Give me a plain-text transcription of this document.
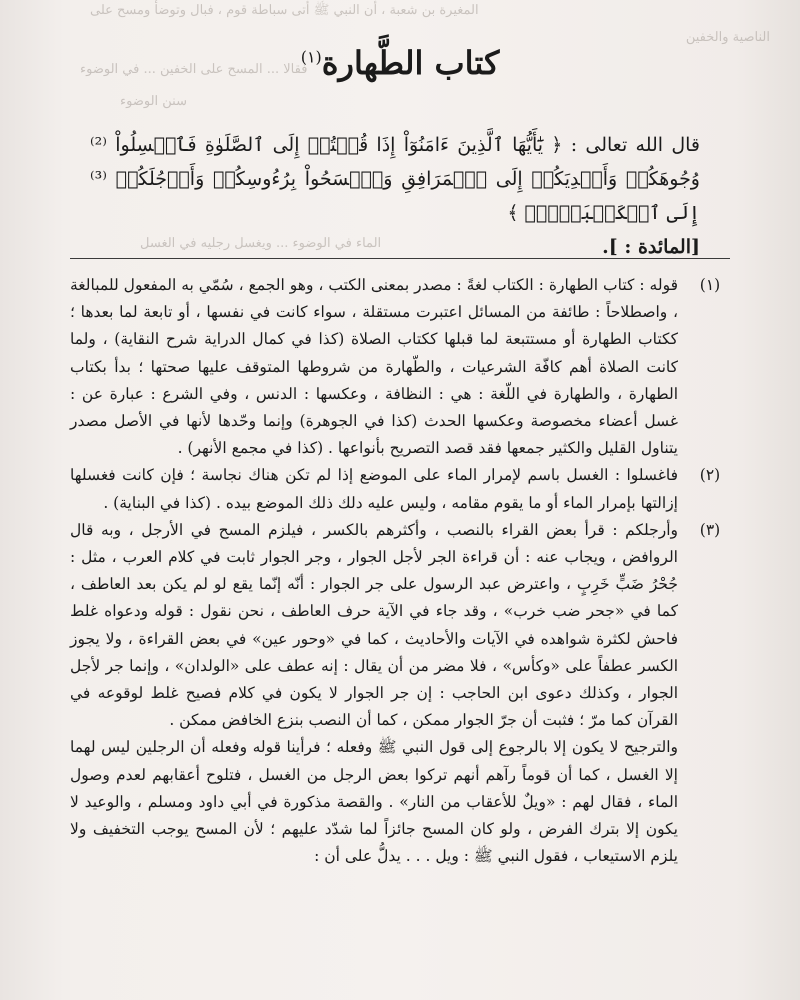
المغيرة بن شعبة ، أن النبي ﷺ أتى سباطة قوم ، فبال وتوضأ ومسح على
الناصية والخفين
فقالا ... المسح على الخفين ... في الوضوء
سنن الوضوء
الماء في الوضوء ... ويغسل رجليه في الغسل
كتاب الطَّهارة$^{(١)}$
قال الله تعالى : ﴿ يَٰٓأَيُّهَا ٱلَّذِينَ ءَامَنُوٓاْ إِذَا قُمۡتُمۡ إِلَى ٱلصَّلَوٰةِ فَٱغۡسِلُواْ ⁽²⁾ وُجُوهَكُمۡ وَأَيۡدِيَكُمۡ إِلَى ٱلۡمَرَافِقِ وَٱمۡسَحُواْ بِرُءُوسِكُمۡ وَأَرۡجُلَكُمۡ ⁽³⁾ إِلَى ٱلۡكَعۡبَيۡنِۚ ﴾
[المائدة : ].
(١)

قوله : كتاب الطهارة : الكتاب لغةً : مصدر بمعنى الكتب ، وهو الجمع ، سُمّي به المفعول للمبالغة ، واصطلاحاً : طائفة من المسائل اعتبرت مستقلة ، سواء كانت في نفسها ، أو تابعة لما بعدها ؛ ككتاب الطهارة أو مستتبعة لما قبلها ككتاب الصلاة (كذا في كمال الدراية شرح النقاية) ، ولما كانت الصلاة أهم كافّة الشرعيات ، والطّهارة من شروطها المتوقف عليها صحتها ؛ بدأ بكتاب الطهارة ، والطهارة في اللّغة : هي : النظافة ، وعكسها : الدنس ، وفي الشرع : عبارة عن : غسل أعضاء مخصوصة وعكسها الحدث (كذا في الجوهرة) وإنما وحّدها لأنها في الأصل مصدر يتناول القليل والكثير جمعها فقد قصد التصريح بأنواعها . (كذا في مجمع الأنهر) .

(٢)

فاغسلوا : الغسل باسم لإمرار الماء على الموضع إذا لم تكن هناك نجاسة ؛ فإن كانت فغسلها إزالتها بإمرار الماء أو ما يقوم مقامه ، وليس عليه دلك ذلك الموضع بيده . (كذا في البناية) .

(٣)

وأرجلكم : قرأ بعض القراء بالنصب ، وأكثرهم بالكسر ، فيلزم المسح في الأرجل ، وبه قال الروافض ، ويجاب عنه : أن قراءة الجر لأجل الجوار ، وجر الجوار ثابت في كلام العرب ، مثل : جُحْرُ ضَبٍّ خَرِبٍ ، واعترض عبد الرسول على جر الجوار : أنّه إنّما يقع لو لم يكن بعد العاطف ، كما في «جحر ضب خرب» ، وقد جاء في الآية حرف العاطف ، نحن نقول : قوله ودعواه غلط فاحش لكثرة شواهده في الآيات والأحاديث ، كما في «وحور عين» في بعض القراءة ، ولا يجوز الكسر عطفاً على «وكأس» ، فلا مضر من أن يقال : إنه عطف على «الولدان» ، وإنما جر لأجل الجوار ، وكذلك دعوى ابن الحاجب : إن جر الجوار لا يكون في كلام فصيح غلط لوقوعه في القرآن كما مرّ ؛ فثبت أن جرّ الجوار ممكن ، كما أن النصب بنزع الخافض ممكن .

والترجيح لا يكون إلا بالرجوع إلى قول النبي ﷺ وفعله ؛ فرأينا قوله وفعله أن الرجلين ليس لهما إلا الغسل ، كما أن قوماً رآهم أنهم تركوا بعض الرجل من الغسل ، فتلوح أعقابهم لعدم وصول الماء ، فقال لهم : «ويلٌ للأعقاب من النار» . والقصة مذكورة في أبي داود ومسلم ، والوعيد لا يكون إلا بترك الفرض ، ولو كان المسح جائزاً لما شدّد عليهم ؛ لأن المسح يوجب التخفيف ولا يلزم الاستيعاب ، فقول النبي ﷺ : ويل . . . يدلُّ على أن :
